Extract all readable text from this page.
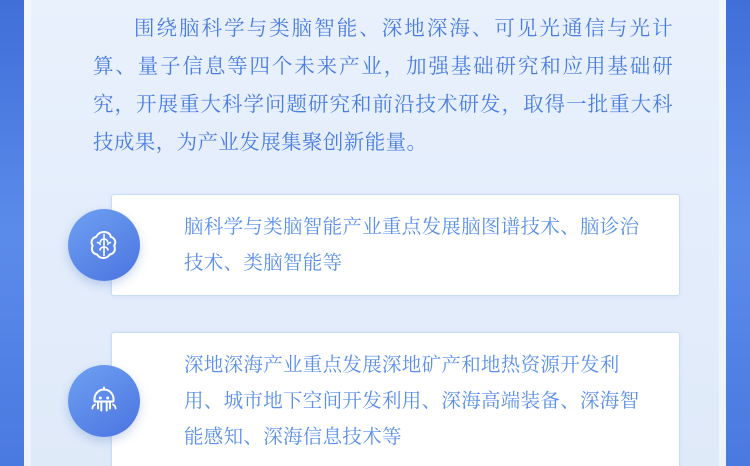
围绕脑科学与类脑智能、深地深海、可见光通信与光计算、量子信息等四个未来产业，加强基础研究和应用基础研究，开展重大科学问题研究和前沿技术研发，取得一批重大科技成果，为产业发展集聚创新能量。

脑科学与类脑智能产业重点发展脑图谱技术、脑诊治技术、类脑智能等
深地深海产业重点发展深地矿产和地热资源开发利用、城市地下空间开发利用、深海高端装备、深海智能感知、深海信息技术等
